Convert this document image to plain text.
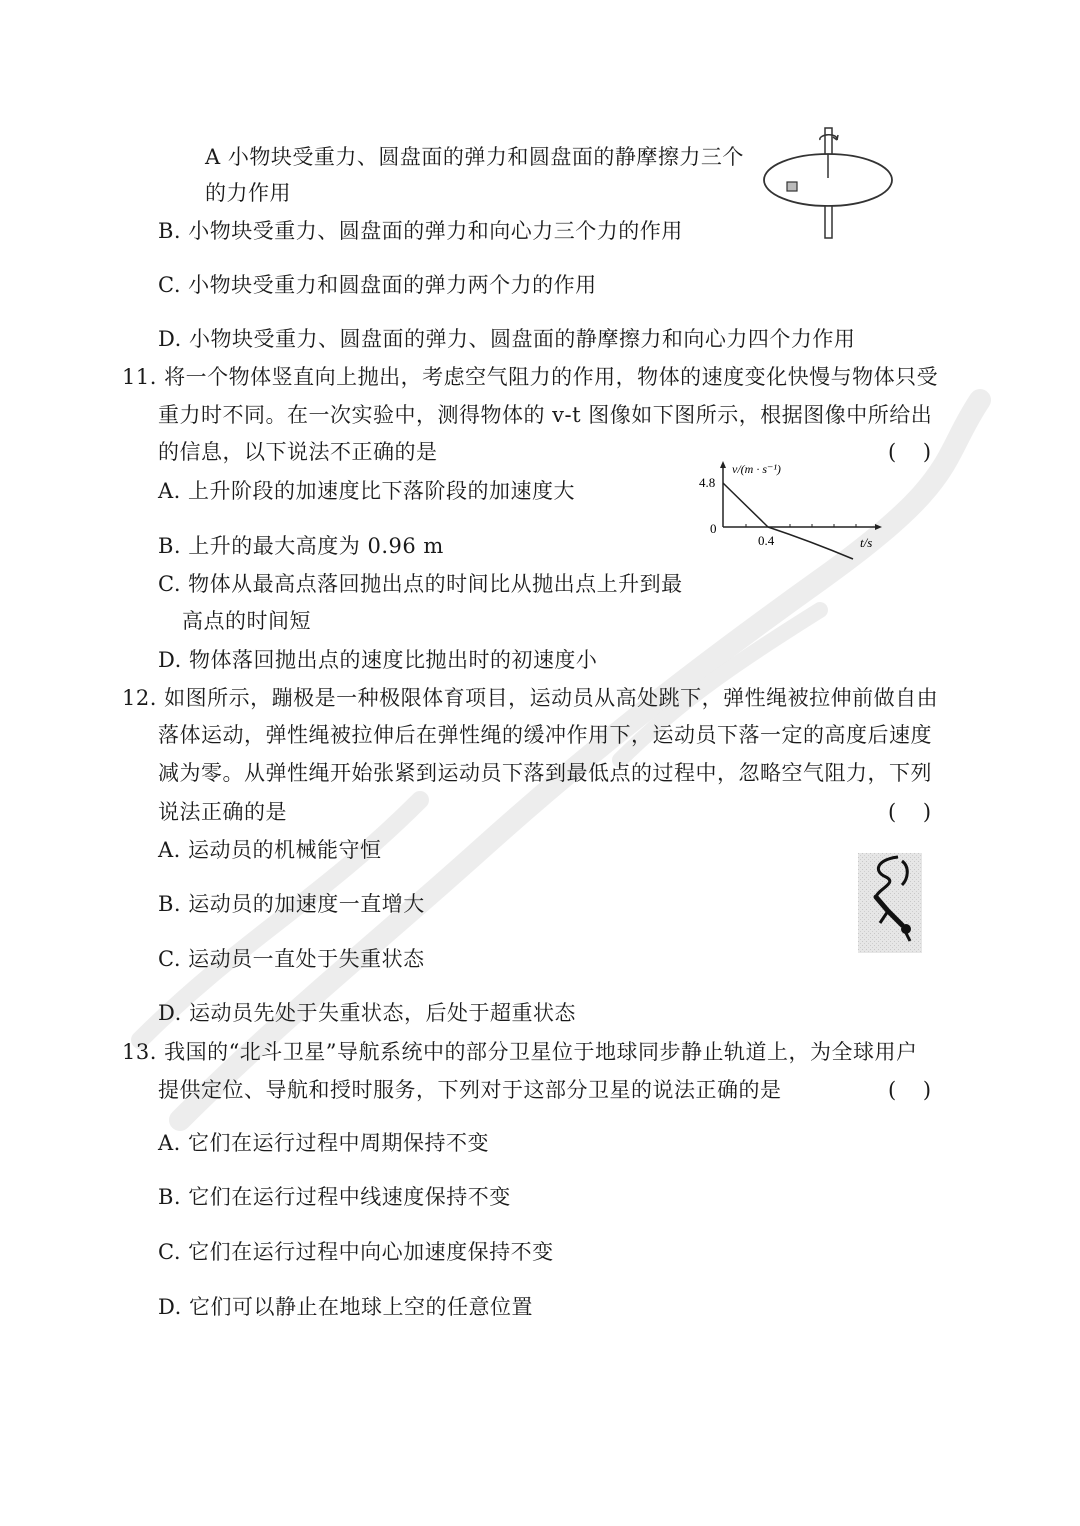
A 小物块受重力、圆盘面的弹力和圆盘面的静摩擦力三个
的力作用
B. 小物块受重力、圆盘面的弹力和向心力三个力的作用
C. 小物块受重力和圆盘面的弹力两个力的作用
D. 小物块受重力、圆盘面的弹力、圆盘面的静摩擦力和向心力四个力作用
11. 将一个物体竖直向上抛出，考虑空气阻力的作用，物体的速度变化快慢与物体只受
重力时不同。在一次实验中，测得物体的 v-t 图像如下图所示，根据图像中所给出
的信息，以下说法不正确的是	(    )
A. 上升阶段的加速度比下落阶段的加速度大
B. 上升的最大高度为 0.96 m
C. 物体从最高点落回抛出点的时间比从抛出点上升到最
高点的时间短
D. 物体落回抛出点的速度比抛出时的初速度小
v/(m · s⁻¹)
4.8
0
0.4	t/s
12. 如图所示，蹦极是一种极限体育项目，运动员从高处跳下，弹性绳被拉伸前做自由
落体运动，弹性绳被拉伸后在弹性绳的缓冲作用下，运动员下落一定的高度后速度
减为零。从弹性绳开始张紧到运动员下落到最低点的过程中，忽略空气阻力，下列
说法正确的是	(    )
A. 运动员的机械能守恒
B. 运动员的加速度一直增大
C. 运动员一直处于失重状态
D. 运动员先处于失重状态，后处于超重状态
13. 我国的“北斗卫星”导航系统中的部分卫星位于地球同步静止轨道上，为全球用户
提供定位、导航和授时服务，下列对于这部分卫星的说法正确的是	(    )
A. 它们在运行过程中周期保持不变
B. 它们在运行过程中线速度保持不变
C. 它们在运行过程中向心加速度保持不变
D. 它们可以静止在地球上空的任意位置
